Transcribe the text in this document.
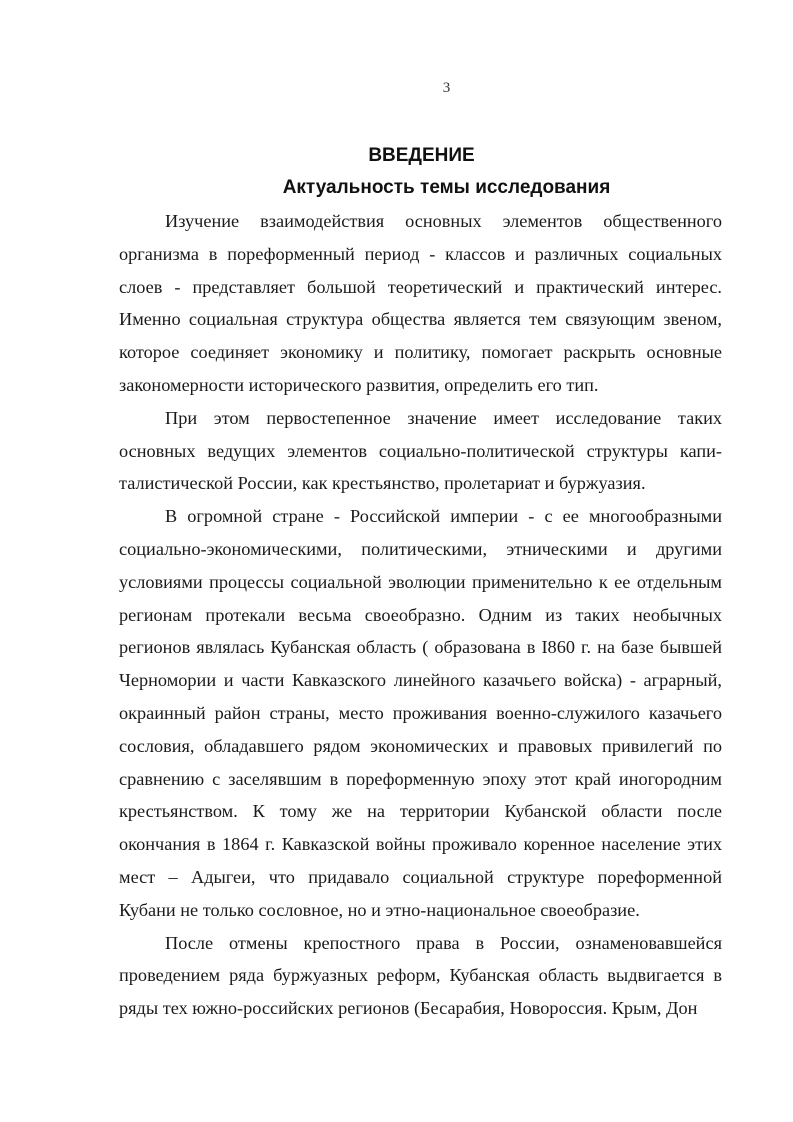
3
ВВЕДЕНИЕ
Актуальность темы исследования

Изучение взаимодействия основных элементов общественного организма в пореформенный период - классов и различных социальных слоев - представляет большой теоретический и практический интерес. Именно социальная структура общества является тем связующим звеном, которое соединяет экономику и политику, помогает раскрыть основные закономерности исторического развития, определить его тип.

При этом первостепенное значение имеет исследование таких основных ведущих элементов социально-политической структуры капи-талистической России, как крестьянство, пролетариат и буржуазия.

В огромной стране - Российской империи - с ее многообразными социально-экономическими, политическими, этническими и другими условиями процессы социальной эволюции применительно к ее отдельным регионам протекали весьма своеобразно. Одним из таких необычных регионов являлась Кубанская область ( образована в I860 г. на базе бывшей Черномории и части Кавказского линейного казачьего войска) - аграрный, окраинный район страны, место проживания военно-служилого казачьего сословия, обладавшего рядом экономических и правовых привилегий по сравнению с заселявшим в пореформенную эпоху этот край иногородним крестьянством. К тому же на территории Кубанской области после окончания в 1864 г. Кавказской войны проживало коренное население этих мест – Адыгеи, что придавало социальной структуре пореформенной Кубани не только сословное, но и этно-национальное своеобразие.

После отмены крепостного права в России, ознаменовавшейся проведением ряда буржуазных реформ, Кубанская область выдвигается в ряды тех южно-российских регионов (Бесарабия, Новороссия. Крым, Дон
